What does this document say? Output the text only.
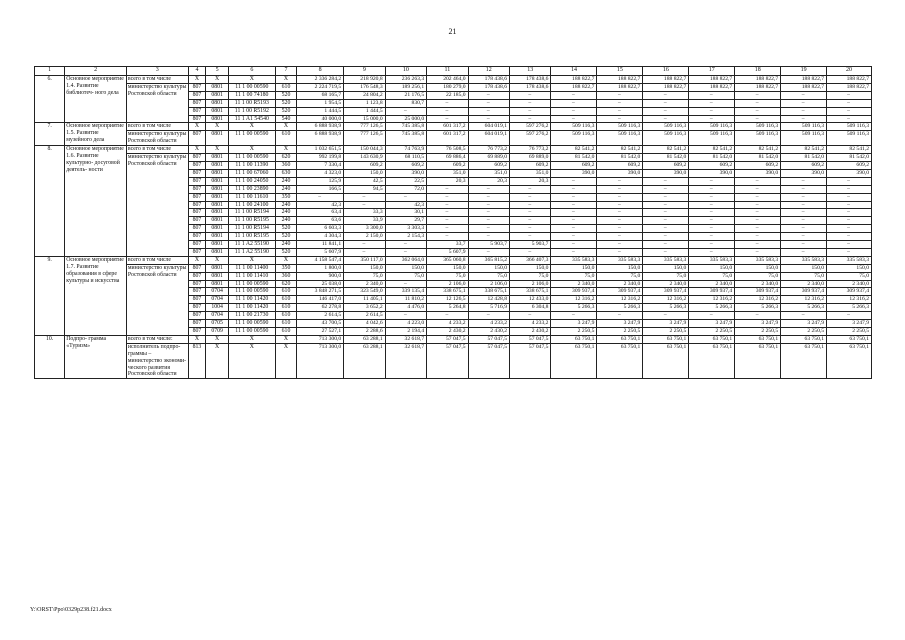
21
1	2	3	4	5	6	7	8	9	10	11	12	13	14	15	16	17	18	19	20
6.	Основное мероприятие 1.4. Развитие библиотеч- ного дела	всего в том числе	X	X	X	X	2 336 284,2	218 920,8	236 263,3	202 464,0	178 438,6	178 438,6	188 822,7	188 822,7	188 822,7	188 822,7	188 822,7	188 822,7	188 822,7
		министерство культуры Ростовской области	807	0801	11 1 00 00590	610	2 224 719,5	176 548,3	189 256,1	180 279,0	178 438,6	178 438,6	188 822,7	188 822,7	188 822,7	188 822,7	188 822,7	188 822,7	188 822,7
			807	0801	11 1 00 74180	520	68 165,7	24 804,2	21 176,5	22 185,0	–	–	–	–	–	–	–	–	–
			807	0801	11 1 00 R5193	520	1 954,5	1 123,8	830,7	–	–	–	–	–	–	–	–	–	–
			807	0801	11 1 00 R5192	520	1 444,5	1 444,5	–	–	–	–	–	–	–	–	–	–	–
			807	0801	11 1 A1 54540	540	40 000,0	15 000,0	25 000,0	–	–	–	–	–	–	–	–	–	–
7.	Основное мероприятие 1.5. Развитие музейного дела	всего в том числе	X	X	X	X	6 888 938,9	777 126,5	745 385,8	601 317,2	604 019,1	597 276,2	509 116,3	509 116,3	509 116,3	509 116,3	509 116,3	509 116,3	509 116,3
		министерство культуры Ростовской области	807	0801	11 1 00 00590	610	6 888 938,9	777 126,5	745 385,8	601 317,2	604 019,1	597 276,2	509 116,3	509 116,3	509 116,3	509 116,3	509 116,3	509 116,3	509 116,3
8.	Основное мероприятие 1.6. Развитие культурно- досуговой деятель- ности	всего в том числе	X	X	X	X	1 032 651,5	150 044,3	74 763,9	76 508,5	76 773,2	76 773,2	82 541,2	82 541,2	82 541,2	82 541,2	82 541,2	82 541,2	82 541,2
		министерство культуры Ростовской области	807	0801	11 1 00 00590	620	992 199,8	143 630,9	68 110,5	69 886,4	69 889,0	69 889,0	81 542,0	81 542,0	81 542,0	81 542,0	81 542,0	81 542,0	81 542,0
			807	0801	11 1 00 11390	360	7 330,4	609,2	609,2	609,2	609,2	609,2	609,2	609,2	609,2	609,2	609,2	609,2	609,2
			807	0801	11 1 00 67060	630	4 323,0	150,0	390,0	351,0	351,0	351,0	390,0	390,0	390,0	390,0	390,0	390,0	390,0
			807	0801	11 1 00 24050	240	125,9	42,5	22,5	20,3	20,3	20,3	–	–	–	–	–	–	–
			807	0801	11 1 00 23890	240	166,5	94,5	72,0	–	–	–	–	–	–	–	–	–	–
			807	0801	11 1 00 11610	350	–	–	–	–	–	–	–	–	–	–	–	–	–
			807	0801	11 1 00 24100	240	42,3	–	42,3	–	–	–	–	–	–	–	–	–	–
			807	0801	11 1 00 R5194	240	63,4	33,3	30,1	–	–	–	–	–	–	–	–	–	–
			807	0801	11 1 00 R5195	240	63,6	33,9	29,7	–	–	–	–	–	–	–	–	–	–
			807	0801	11 1 00 R5194	520	6 603,3	3 300,0	3 303,3	–	–	–	–	–	–	–	–	–	–
			807	0801	11 1 00 R5195	520	4 304,3	2 150,0	2 154,3	–	–	–	–	–	–	–	–	–	–
			807	0801	11 1 A2 55190	240	11 841,1	–	–	33,7	5 903,7	5 903,7	–	–	–	–	–	–	–
			807	0801	11 1 A2 55190	520	5 607,9	–	–	5 607,9	–	–	–	–	–	–	–	–	–
9.	Основное мероприятие 1.7. Развитие образования в сфере культуры и искусства	всего в том числе	X	X	X	X	4 158 547,4	350 117,0	362 064,0	365 060,8	365 815,2	366 407,3	335 583,3	335 583,3	335 583,3	335 583,3	335 583,3	335 583,3	335 583,3
		министерство культуры Ростовской области	807	0801	11 1 00 11400	350	1 800,0	150,0	150,0	150,0	150,0	150,0	150,0	150,0	150,0	150,0	150,0	150,0	150,0
			807	0801	11 1 00 11410	360	900,0	75,0	75,0	75,0	75,0	75,0	75,0	75,0	75,0	75,0	75,0	75,0	75,0
			807	0801	11 1 00 00590	620	25 038,0	2 340,0	–	2 106,0	2 106,0	2 106,0	2 340,0	2 340,0	2 340,0	2 340,0	2 340,0	2 340,0	2 340,0
			807	0704	11 1 00 00590	610	3 848 271,5	323 549,0	339 135,4	338 675,1	338 675,1	338 675,1	309 937,4	309 937,4	309 937,4	309 937,4	309 937,4	309 937,4	309 937,4
			807	0704	11 1 00 11420	610	146 417,0	11 405,1	11 810,2	12 126,5	12 428,8	12 433,0	12 316,2	12 316,2	12 316,2	12 316,2	12 316,2	12 316,2	12 316,2
			807	1004	11 1 00 11420	610	62 278,8	3 652,2	4 476,0	5 264,8	5 716,9	6 304,8	5 266,3	5 266,3	5 266,3	5 266,3	5 266,3	5 266,3	5 266,3
			807	0704	11 1 00 21730	610	2 614,5	2 614,5	–	–	–	–	–	–	–	–	–	–	–
			807	0705	11 1 00 00590	610	43 700,5	4 042,6	4 223,0	4 233,2	4 233,2	4 233,2	3 247,9	3 247,9	3 247,9	3 247,9	3 247,9	3 247,9	3 247,9
			807	0709	11 1 00 00590	610	27 527,1	2 288,6	2 194,4	2 430,2	2 430,2	2 430,2	2 250,5	2 250,5	2 250,5	2 250,5	2 250,5	2 250,5	2 250,5
10.	Подпро- грамма «Туризм»	всего в том числе:	X	X	X	X	713 300,0	63 288,1	32 618,7	57 047,5	57 047,5	57 047,5	63 750,1	63 750,1	63 750,1	63 750,1	63 750,1	63 750,1	63 750,1
		исполнитель подпро- граммы – министерство экономи- ческого развития Ростовской области	813	X	X	X	713 300,0	63 288,1	32 618,7	57 047,5	57 047,5	57 047,5	63 750,1	63 750,1	63 750,1	63 750,1	63 750,1	63 750,1	63 750,1
Y:\ORST\Ppo\0329p238.f21.docx
